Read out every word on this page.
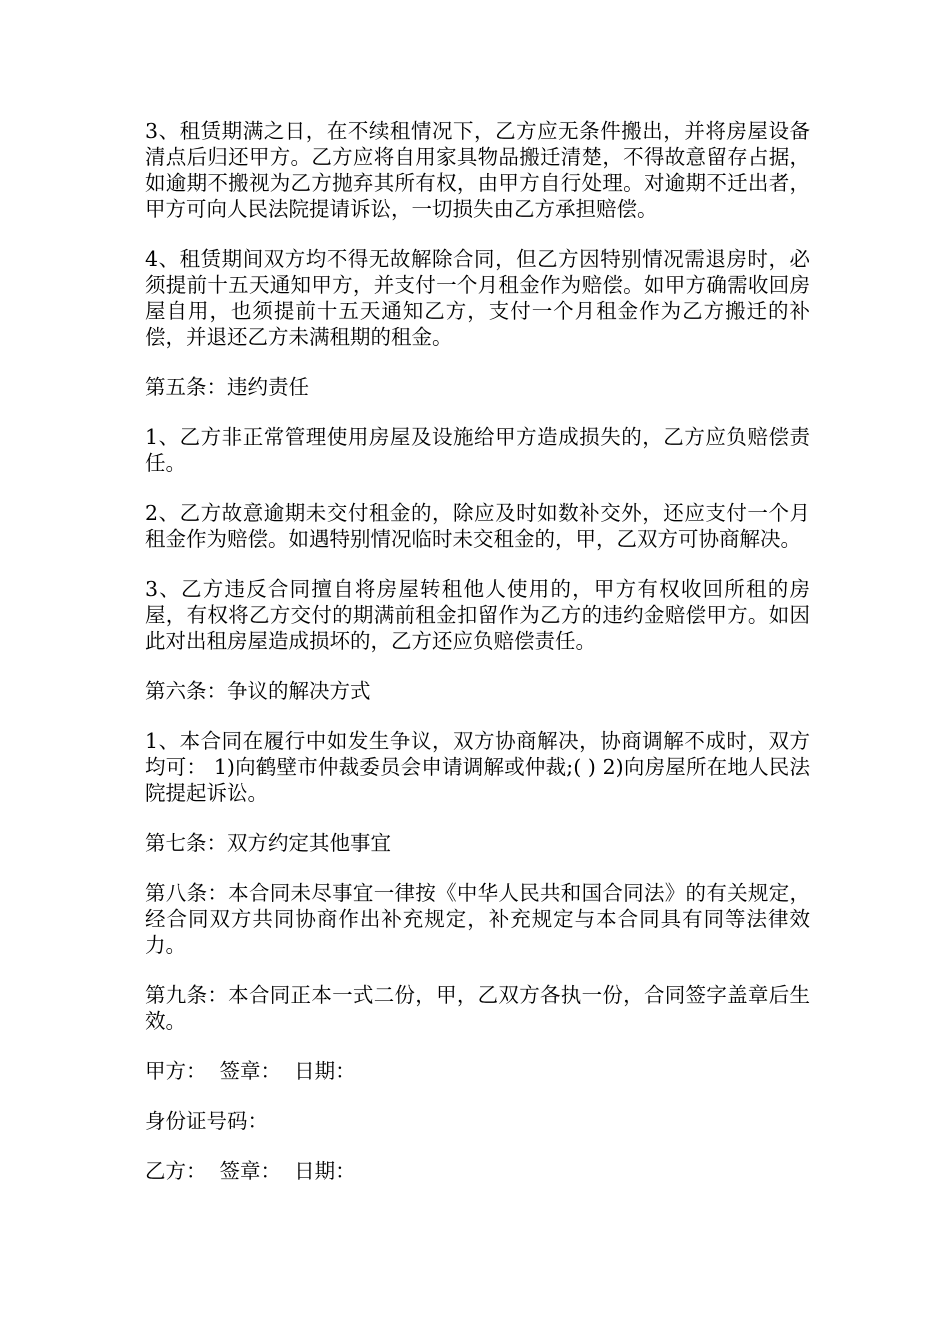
3、租赁期满之日，在不续租情况下，乙方应无条件搬出，并将房屋设备清点后归还甲方。乙方应将自用家具物品搬迁清楚，不得故意留存占据，如逾期不搬视为乙方抛弃其所有权，由甲方自行处理。对逾期不迁出者，甲方可向人民法院提请诉讼，一切损失由乙方承担赔偿。

4、租赁期间双方均不得无故解除合同，但乙方因特别情况需退房时，必须提前十五天通知甲方，并支付一个月租金作为赔偿。如甲方确需收回房屋自用，也须提前十五天通知乙方，支付一个月租金作为乙方搬迁的补偿，并退还乙方未满租期的租金。

第五条：违约责任

1、乙方非正常管理使用房屋及设施给甲方造成损失的，乙方应负赔偿责任。

2、乙方故意逾期未交付租金的，除应及时如数补交外，还应支付一个月租金作为赔偿。如遇特别情况临时未交租金的，甲，乙双方可协商解决。

3、乙方违反合同擅自将房屋转租他人使用的，甲方有权收回所租的房屋，有权将乙方交付的期满前租金扣留作为乙方的违约金赔偿甲方。如因此对出租房屋造成损坏的，乙方还应负赔偿责任。

第六条：争议的解决方式

1、本合同在履行中如发生争议，双方协商解决，协商调解不成时，双方均可： 1)向鹤壁市仲裁委员会申请调解或仲裁;( ) 2)向房屋所在地人民法院提起诉讼。

第七条：双方约定其他事宜

第八条：本合同未尽事宜一律按《中华人民共和国合同法》的有关规定，经合同双方共同协商作出补充规定，补充规定与本合同具有同等法律效力。

第九条：本合同正本一式二份，甲，乙双方各执一份，合同签字盖章后生效。

甲方：  签章：  日期：

身份证号码：

乙方：  签章：  日期：
